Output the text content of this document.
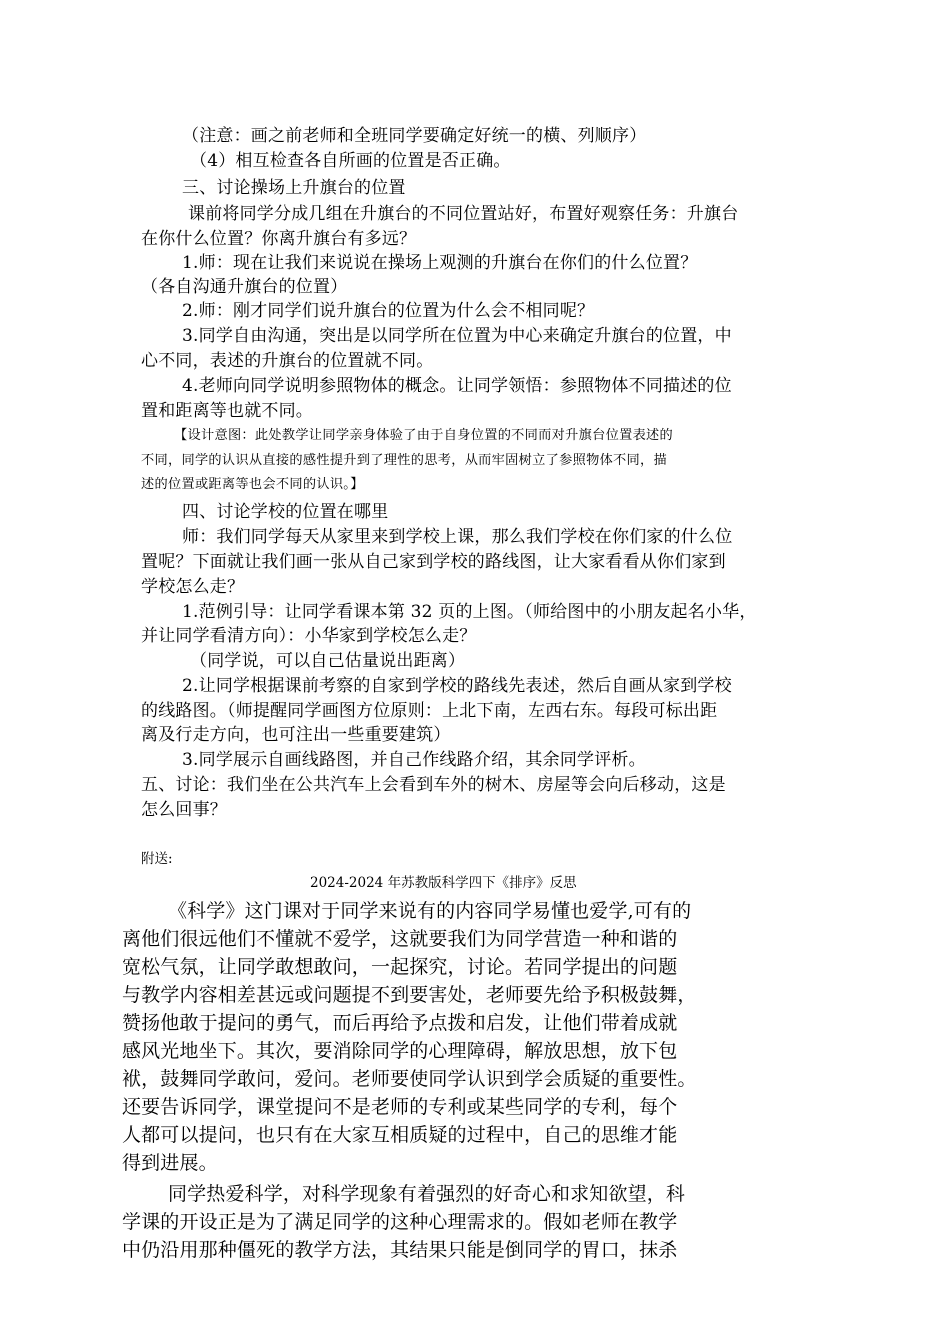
（注意：画之前老师和全班同学要确定好统一的横、列顺序）
（4）相互检查各自所画的位置是否正确。
三、讨论操场上升旗台的位置
课前将同学分成几组在升旗台的不同位置站好，布置好观察任务：升旗台
在你什么位置？你离升旗台有多远？
1.师：现在让我们来说说在操场上观测的升旗台在你们的什么位置？
（各自沟通升旗台的位置）
2.师：刚才同学们说升旗台的位置为什么会不相同呢？
3.同学自由沟通，突出是以同学所在位置为中心来确定升旗台的位置，中
心不同，表述的升旗台的位置就不同。
4.老师向同学说明参照物体的概念。让同学领悟：参照物体不同描述的位
置和距离等也就不同。
【设计意图：此处教学让同学亲身体验了由于自身位置的不同而对升旗台位置表述的
不同，同学的认识从直接的感性提升到了理性的思考，从而牢固树立了参照物体不同，描
述的位置或距离等也会不同的认识。】
四、讨论学校的位置在哪里
师：我们同学每天从家里来到学校上课，那么我们学校在你们家的什么位
置呢？下面就让我们画一张从自己家到学校的路线图，让大家看看从你们家到
学校怎么走？
1.范例引导：让同学看课本第 32 页的上图。（师给图中的小朋友起名小华，
并让同学看清方向）：小华家到学校怎么走？
（同学说，可以自己估量说出距离）
2.让同学根据课前考察的自家到学校的路线先表述，然后自画从家到学校
的线路图。（师提醒同学画图方位原则：上北下南，左西右东。每段可标出距
离及行走方向，也可注出一些重要建筑）
3.同学展示自画线路图，并自己作线路介绍，其余同学评析。
五、讨论：我们坐在公共汽车上会看到车外的树木、房屋等会向后移动，这是
怎么回事？
附送:
2024-2024 年苏教版科学四下《排序》反思
《科学》这门课对于同学来说有的内容同学易懂也爱学,可有的
离他们很远他们不懂就不爱学，这就要我们为同学营造一种和谐的
宽松气氛，让同学敢想敢问，一起探究，讨论。若同学提出的问题
与教学内容相差甚远或问题提不到要害处，老师要先给予积极鼓舞，
赞扬他敢于提问的勇气，而后再给予点拨和启发，让他们带着成就
感风光地坐下。其次，要消除同学的心理障碍，解放思想，放下包
袱，鼓舞同学敢问，爱问。老师要使同学认识到学会质疑的重要性。
还要告诉同学，课堂提问不是老师的专利或某些同学的专利，每个
人都可以提问，也只有在大家互相质疑的过程中，自己的思维才能
得到进展。
同学热爱科学，对科学现象有着强烈的好奇心和求知欲望，科
学课的开设正是为了满足同学的这种心理需求的。假如老师在教学
中仍沿用那种僵死的教学方法，其结果只能是倒同学的胃口，抹杀
